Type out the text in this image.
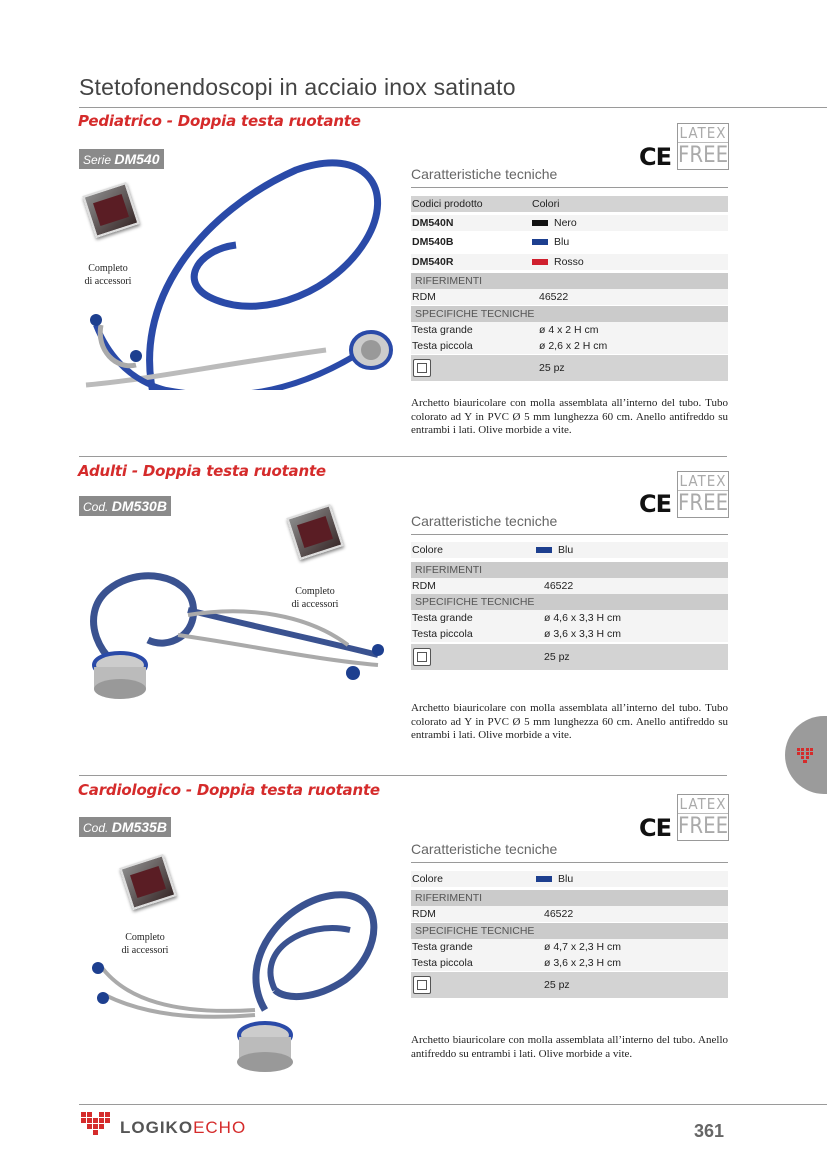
Stetofonendoscopi in acciaio inox satinato
Pediatrico - Doppia testa ruotante
Serie DM540
Completo
di accessori
CE
LATEX
FREE
Caratteristiche tecniche
Codici prodotto	Colori
DM540N	Nero
DM540B	Blu
DM540R	Rosso
RIFERIMENTI
RDM	46522
SPECIFICHE TECNICHE
Testa grande	ø 4 x 2 H cm
Testa piccola	ø 2,6 x 2 H cm
25 pz
Archetto biauricolare con molla assemblata all’interno del tubo. Tubo colorato ad Y in PVC Ø 5 mm lunghezza 60 cm. Anello antifreddo su entrambi i lati. Olive morbide a vite.
Adulti - Doppia testa ruotante
Cod. DM530B
Completo
di accessori
CE
LATEX
FREE
Caratteristiche tecniche
Colore	Blu
RIFERIMENTI
RDM	46522
SPECIFICHE TECNICHE
Testa grande	ø 4,6 x 3,3 H cm
Testa piccola	ø 3,6 x 3,3 H cm
25 pz
Archetto biauricolare con molla assemblata all’interno del tubo. Tubo colorato ad Y in PVC Ø 5 mm lunghezza 60 cm. Anello antifreddo su entrambi i lati. Olive morbide a vite.
Cardiologico - Doppia testa ruotante
Cod. DM535B
Completo
di accessori
CE
LATEX
FREE
Caratteristiche tecniche
Colore	Blu
RIFERIMENTI
RDM	46522
SPECIFICHE TECNICHE
Testa grande	ø 4,7 x 2,3 H cm
Testa piccola	ø 3,6 x 2,3 H cm
25 pz
Archetto biauricolare con molla assemblata all’interno del tubo. Anello antifreddo su entrambi i lati. Olive morbide a vite.
LOGIKOECHO	361
